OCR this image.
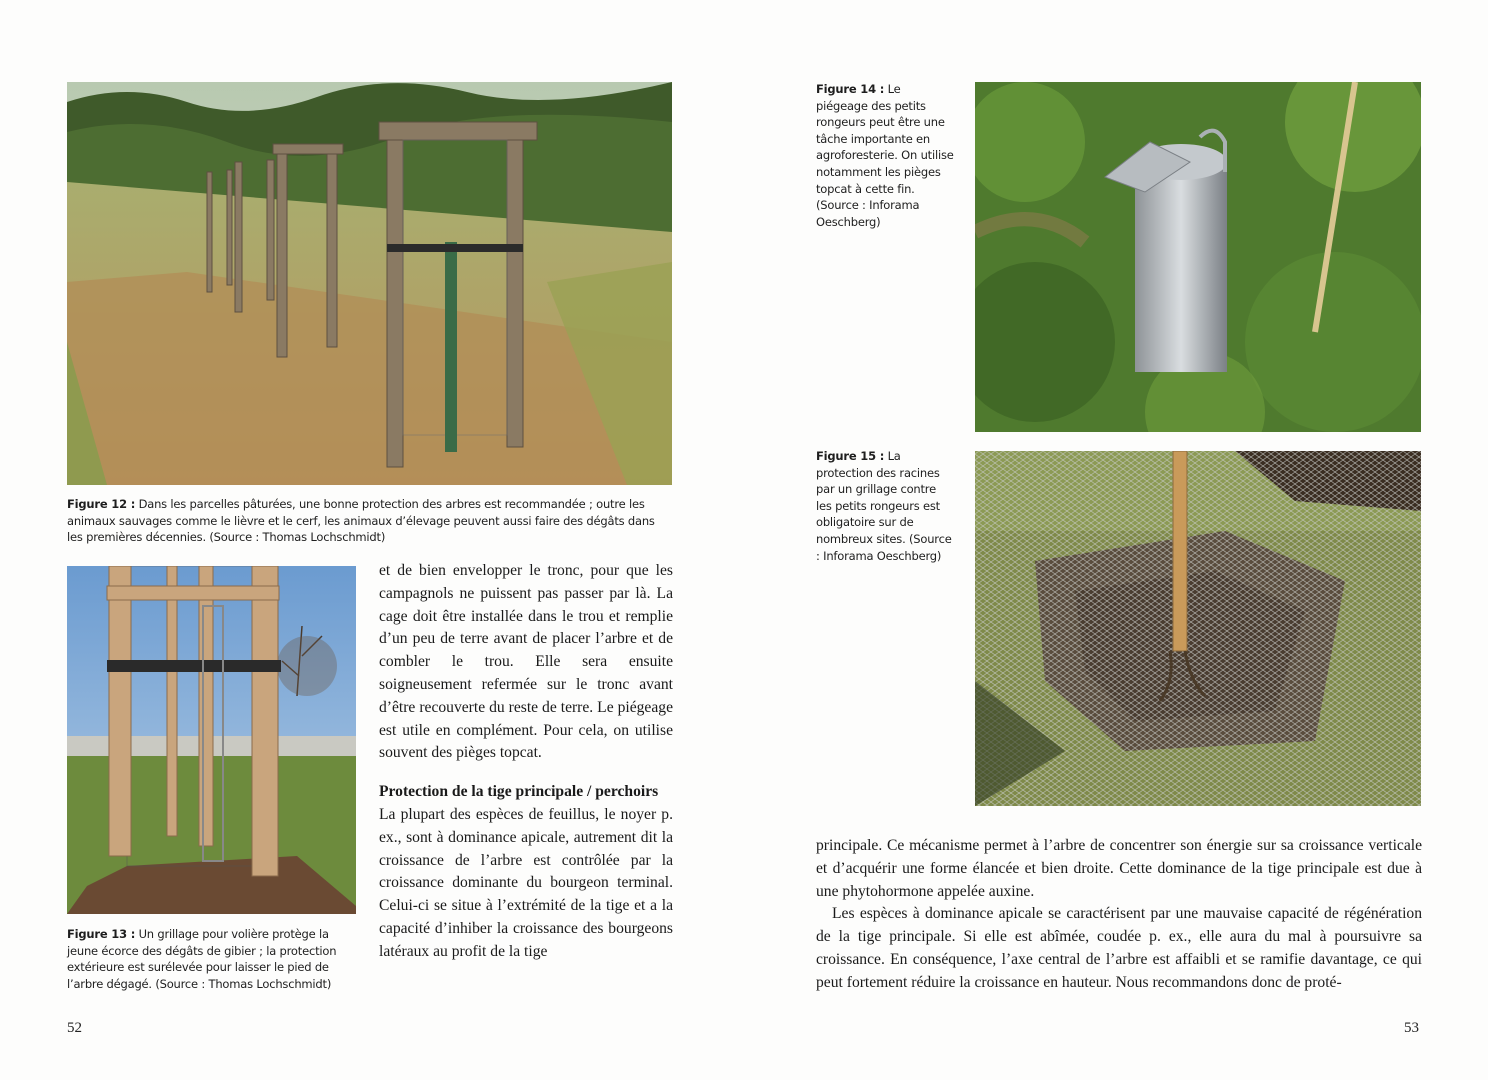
Figure 12 : Dans les parcelles pâturées, une bonne protection des arbres est recommandée ; outre les animaux sauvages comme le lièvre et le cerf, les animaux d’élevage peuvent aussi faire des dégâts dans les premières décennies. (Source : Thomas Lochschmidt)
Figure 13 : Un grillage pour volière protège la jeune écorce des dégâts de gibier ; la protection extérieure est surélevée pour laisser le pied de l’arbre dégagé. (Source : Thomas Lochschmidt)

et de bien envelopper le tronc, pour que les campagnols ne puissent pas passer par là. La cage doit être installée dans le trou et remplie d’un peu de terre avant de placer l’arbre et de combler le trou. Elle sera ensuite soigneusement refermée sur le tronc avant d’être recouverte du reste de terre. Le piégeage est utile en complément. Pour cela, on utilise souvent des pièges topcat.

Protection de la tige principale / perchoirs

La plupart des espèces de feuillus, le noyer p. ex., sont à dominance apicale, autrement dit la croissance de l’arbre est contrôlée par la croissance dominante du bourgeon terminal. Celui-ci se situe à l’extrémité de la tige et a la capacité d’inhiber la croissance des bourgeons latéraux au profit de la tige

52
Figure 14 : Le piégeage des petits rongeurs peut être une tâche importante en agroforesterie. On utilise notamment les pièges topcat à cette fin. (Source : Inforama Oeschberg)
Figure 15 : La protection des racines par un grillage contre les petits rongeurs est obligatoire sur de nombreux sites. (Source : Inforama Oeschberg)

principale. Ce mécanisme permet à l’arbre de concentrer son énergie sur sa croissance verticale et d’acquérir une forme élancée et bien droite. Cette dominance de la tige principale est due à une phytohormone appelée auxine.

Les espèces à dominance apicale se caractérisent par une mauvaise capacité de régénération de la tige principale. Si elle est abîmée, coudée p. ex., elle aura du mal à poursuivre sa croissance. En conséquence, l’axe central de l’arbre est affaibli et se ramifie davantage, ce qui peut fortement réduire la croissance en hauteur. Nous recommandons donc de proté-

53
